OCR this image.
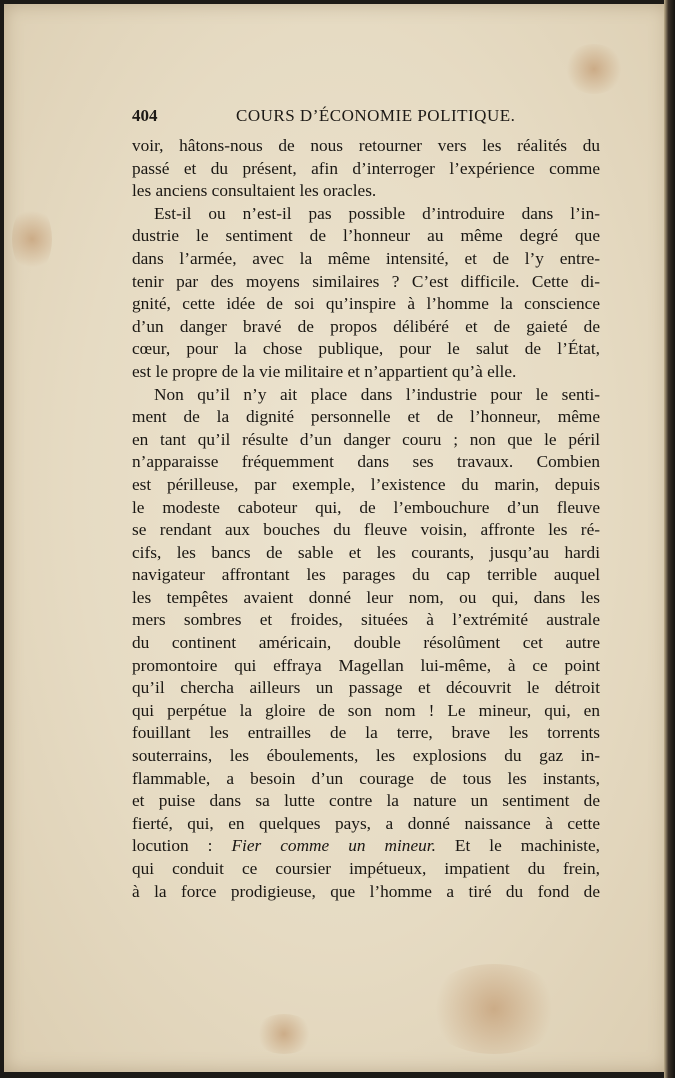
404	COURS D’ÉCONOMIE POLITIQUE.
voir, hâtons-nous de nous retourner vers les réalités du
passé et du présent, afin d’interroger l’expérience comme
les anciens consultaient les oracles.
Est-il ou n’est-il pas possible d’introduire dans l’in-
dustrie le sentiment de l’honneur au même degré que
dans l’armée, avec la même intensité, et de l’y entre-
tenir par des moyens similaires ? C’est difficile. Cette di-
gnité, cette idée de soi qu’inspire à l’homme la conscience
d’un danger bravé de propos délibéré et de gaieté de
cœur, pour la chose publique, pour le salut de l’État,
est le propre de la vie militaire et n’appartient qu’à elle.
Non qu’il n’y ait place dans l’industrie pour le senti-
ment de la dignité personnelle et de l’honneur, même
en tant qu’il résulte d’un danger couru ; non que le péril
n’apparaisse fréquemment dans ses travaux. Combien
est périlleuse, par exemple, l’existence du marin, depuis
le modeste caboteur qui, de l’embouchure d’un fleuve
se rendant aux bouches du fleuve voisin, affronte les ré-
cifs, les bancs de sable et les courants, jusqu’au hardi
navigateur affrontant les parages du cap terrible auquel
les tempêtes avaient donné leur nom, ou qui, dans les
mers sombres et froides, situées à l’extrémité australe
du continent américain, double résolûment cet autre
promontoire qui effraya Magellan lui-même, à ce point
qu’il chercha ailleurs un passage et découvrit le détroit
qui perpétue la gloire de son nom ! Le mineur, qui, en
fouillant les entrailles de la terre, brave les torrents
souterrains, les éboulements, les explosions du gaz in-
flammable, a besoin d’un courage de tous les instants,
et puise dans sa lutte contre la nature un sentiment de
fierté, qui, en quelques pays, a donné naissance à cette
locution : Fier comme un mineur. Et le machiniste,
qui conduit ce coursier impétueux, impatient du frein,
à la force prodigieuse, que l’homme a tiré du fond de
